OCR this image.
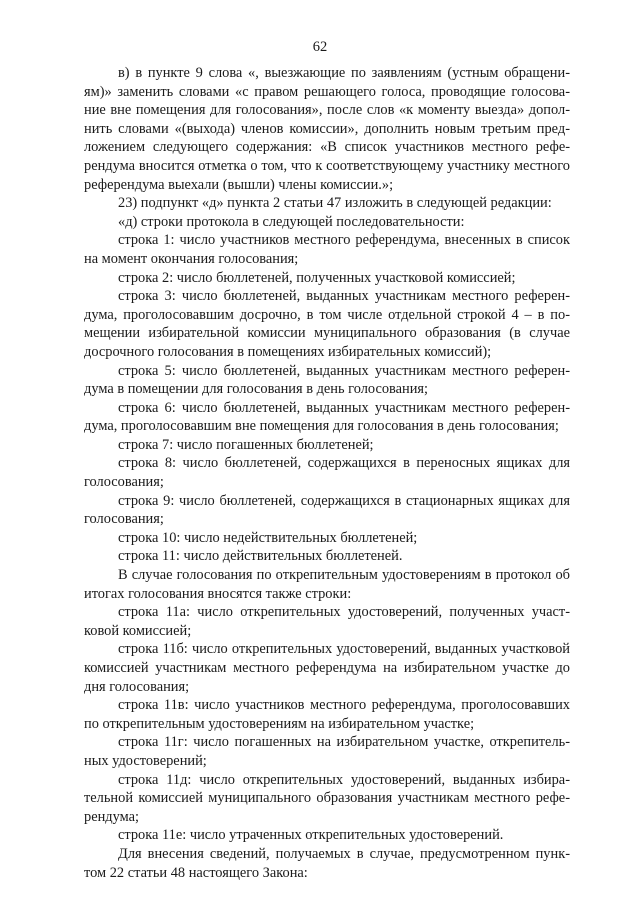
62

в) в пункте 9 слова «, выезжающие по заявлениям (устным обращениям)» заменить словами «с правом решающего голоса, проводящие голосование вне помещения для голосования», после слов «к моменту выезда» дополнить словами «(выхода) членов комиссии», дополнить новым третьим предложением следующего содержания: «В список участников местного референдума вносится отметка о том, что к соответствующему участнику местного референдума выехали (вышли) члены комиссии.»;

23) подпункт «д» пункта 2 статьи 47 изложить в следующей редакции:

«д) строки протокола в следующей последовательности:

строка 1: число участников местного референдума, внесенных в список на момент окончания голосования;

строка 2: число бюллетеней, полученных участковой комиссией;

строка 3: число бюллетеней, выданных участникам местного референдума, проголосовавшим досрочно, в том числе отдельной строкой 4 – в помещении избирательной комиссии муниципального образования (в случае досрочного голосования в помещениях избирательных комиссий);

строка 5: число бюллетеней, выданных участникам местного референдума в помещении для голосования в день голосования;

строка 6: число бюллетеней, выданных участникам местного референдума, проголосовавшим вне помещения для голосования в день голосования;

строка 7: число погашенных бюллетеней;

строка 8: число бюллетеней, содержащихся в переносных ящиках для голосования;

строка 9: число бюллетеней, содержащихся в стационарных ящиках для голосования;

строка 10: число недействительных бюллетеней;

строка 11: число действительных бюллетеней.

В случае голосования по открепительным удостоверениям в протокол об итогах голосования вносятся также строки:

строка 11а: число открепительных удостоверений, полученных участковой комиссией;

строка 11б: число открепительных удостоверений, выданных участковой комиссией участникам местного референдума на избирательном участке до дня голосования;

строка 11в: число участников местного референдума, проголосовавших по открепительным удостоверениям на избирательном участке;

строка 11г: число погашенных на избирательном участке, открепительных удостоверений;

строка 11д: число открепительных удостоверений, выданных избирательной комиссией муниципального образования участникам местного референдума;

строка 11е: число утраченных открепительных удостоверений.

Для внесения сведений, получаемых в случае, предусмотренном пунктом 22 статьи 48 настоящего Закона:
